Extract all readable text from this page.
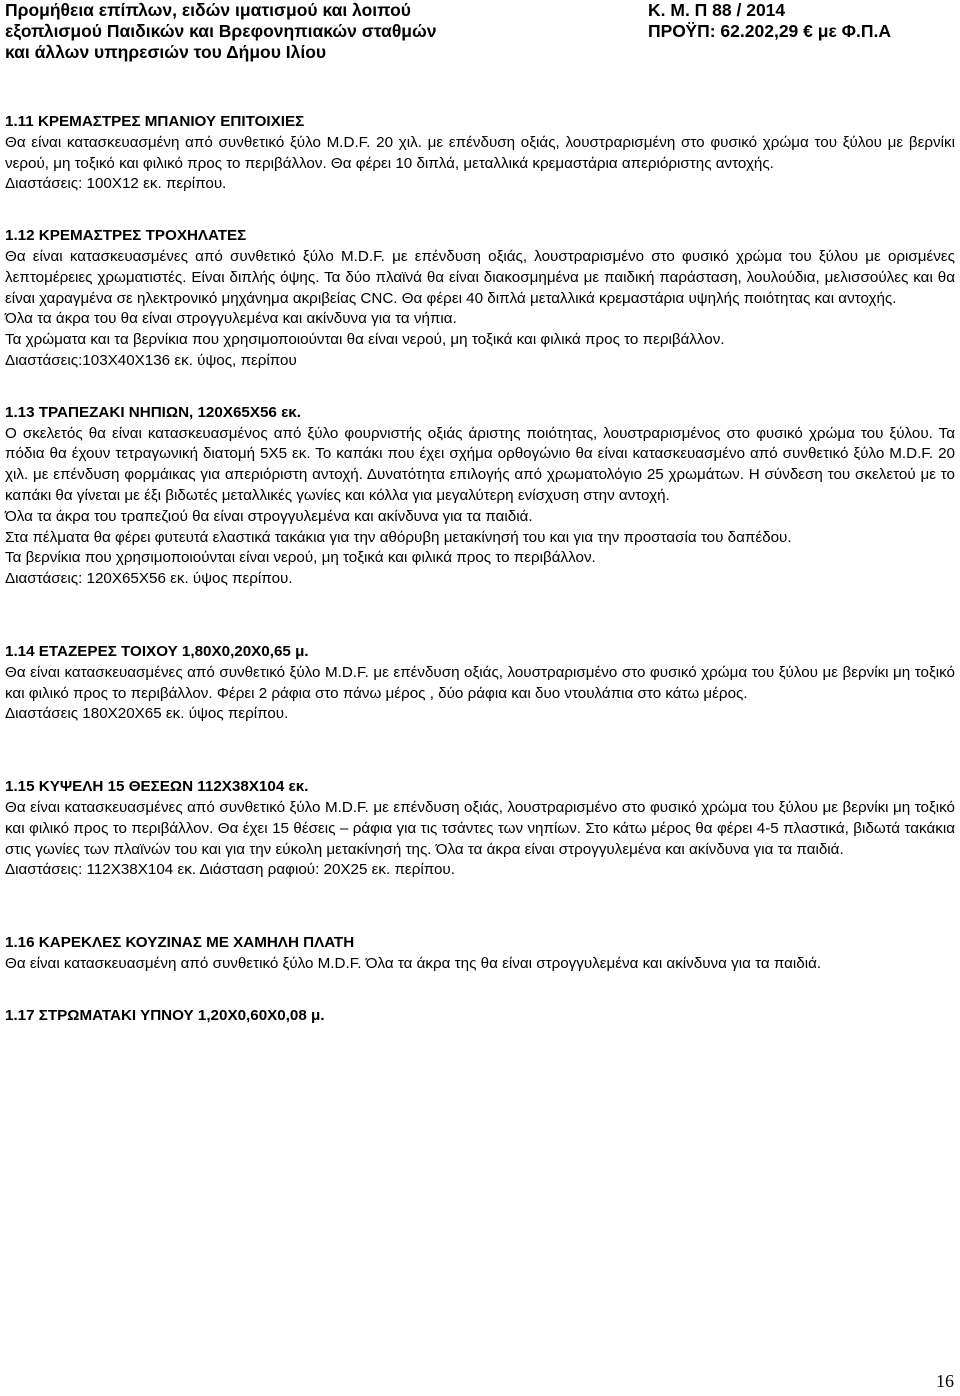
Προμήθεια επίπλων, ειδών ιματισμού και λοιπού
εξοπλισμού Παιδικών και Βρεφονηπιακών σταθμών
και άλλων υπηρεσιών του Δήμου Ιλίου
Κ. Μ. Π 88 / 2014
ΠΡΟΫΠ: 62.202,29 € με Φ.Π.Α

1.11 ΚΡΕΜΑΣΤΡΕΣ ΜΠΑΝΙΟΥ ΕΠΙΤΟΙΧΙΕΣ

Θα είναι κατασκευασμένη από συνθετικό ξύλο M.D.F. 20 χιλ. με επένδυση οξιάς, λουστραρισμένη στο φυσικό χρώμα του ξύλου με βερνίκι νερού, μη τοξικό και φιλικό προς το περιβάλλον. Θα φέρει 10 διπλά, μεταλλικά κρεμαστάρια απεριόριστης αντοχής.

Διαστάσεις: 100Χ12 εκ. περίπου.

1.12 ΚΡΕΜΑΣΤΡΕΣ ΤΡΟΧΗΛΑΤΕΣ

Θα είναι κατασκευασμένες από συνθετικό ξύλο M.D.F. με επένδυση οξιάς, λουστραρισμένο στο φυσικό χρώμα του ξύλου με ορισμένες λεπτομέρειες χρωματιστές. Είναι διπλής όψης. Τα δύο πλαϊνά θα είναι διακοσμημένα με παιδική παράσταση, λουλούδια, μελισσούλες και θα είναι χαραγμένα σε ηλεκτρονικό μηχάνημα ακριβείας CNC. Θα φέρει 40 διπλά μεταλλικά κρεμαστάρια υψηλής ποιότητας και αντοχής.

Όλα τα άκρα του θα είναι στρογγυλεμένα και ακίνδυνα για τα νήπια.

Τα χρώματα και τα βερνίκια που χρησιμοποιούνται θα είναι νερού, μη τοξικά και φιλικά προς το περιβάλλον.

Διαστάσεις:103Χ40Χ136 εκ. ύψος, περίπου

1.13 ΤΡΑΠΕΖΑΚΙ ΝΗΠΙΩΝ, 120Χ65Χ56 εκ.

Ο σκελετός θα είναι κατασκευασμένος από ξύλο φουρνιστής οξιάς άριστης ποιότητας, λουστραρισμένος στο φυσικό χρώμα του ξύλου. Τα πόδια θα έχουν τετραγωνική διατομή 5Χ5 εκ. Το καπάκι που έχει σχήμα ορθογώνιο θα είναι κατασκευασμένο από συνθετικό ξύλο M.D.F. 20 χιλ. με επένδυση φορμάικας για απεριόριστη αντοχή. Δυνατότητα επιλογής από χρωματολόγιο 25 χρωμάτων. Η σύνδεση του σκελετού με το καπάκι θα γίνεται με έξι βιδωτές μεταλλικές γωνίες και κόλλα για μεγαλύτερη ενίσχυση στην αντοχή.

Όλα τα άκρα του τραπεζιού θα είναι στρογγυλεμένα και ακίνδυνα για τα παιδιά.

Στα πέλματα θα φέρει φυτευτά ελαστικά τακάκια για την αθόρυβη μετακίνησή του και για την προστασία του δαπέδου.

Τα βερνίκια που χρησιμοποιούνται είναι νερού, μη τοξικά και φιλικά προς το περιβάλλον.

Διαστάσεις: 120Χ65Χ56 εκ. ύψος περίπου.

1.14 ΕΤΑΖΕΡΕΣ ΤΟΙΧΟΥ 1,80Χ0,20Χ0,65 μ.

Θα είναι κατασκευασμένες από συνθετικό ξύλο M.D.F. με επένδυση οξιάς, λουστραρισμένο στο φυσικό χρώμα του ξύλου με βερνίκι μη τοξικό και φιλικό προς το περιβάλλον. Φέρει 2 ράφια στο πάνω μέρος , δύο ράφια και δυο ντουλάπια στο κάτω μέρος.

Διαστάσεις 180Χ20Χ65 εκ. ύψος περίπου.

1.15 ΚΥΨΕΛΗ 15 ΘΕΣΕΩΝ 112Χ38Χ104 εκ.

Θα είναι κατασκευασμένες από συνθετικό ξύλο M.D.F. με επένδυση οξιάς, λουστραρισμένο στο φυσικό χρώμα του ξύλου με βερνίκι μη τοξικό και φιλικό προς το περιβάλλον. Θα έχει 15 θέσεις – ράφια για τις τσάντες των νηπίων. Στο κάτω μέρος θα φέρει 4-5 πλαστικά, βιδωτά τακάκια στις γωνίες των πλαϊνών του και για την εύκολη μετακίνησή της. Όλα τα άκρα είναι στρογγυλεμένα και ακίνδυνα για τα παιδιά.

Διαστάσεις: 112Χ38Χ104 εκ. Διάσταση ραφιού: 20Χ25 εκ. περίπου.

1.16 ΚΑΡΕΚΛΕΣ ΚΟΥΖΙΝΑΣ ΜΕ ΧΑΜΗΛΗ ΠΛΑΤΗ

Θα είναι κατασκευασμένη από συνθετικό ξύλο M.D.F. Όλα τα άκρα της θα είναι στρογγυλεμένα και ακίνδυνα για τα παιδιά.

1.17 ΣΤΡΩΜΑΤΑΚΙ ΥΠΝΟΥ 1,20Χ0,60Χ0,08 μ.

16
